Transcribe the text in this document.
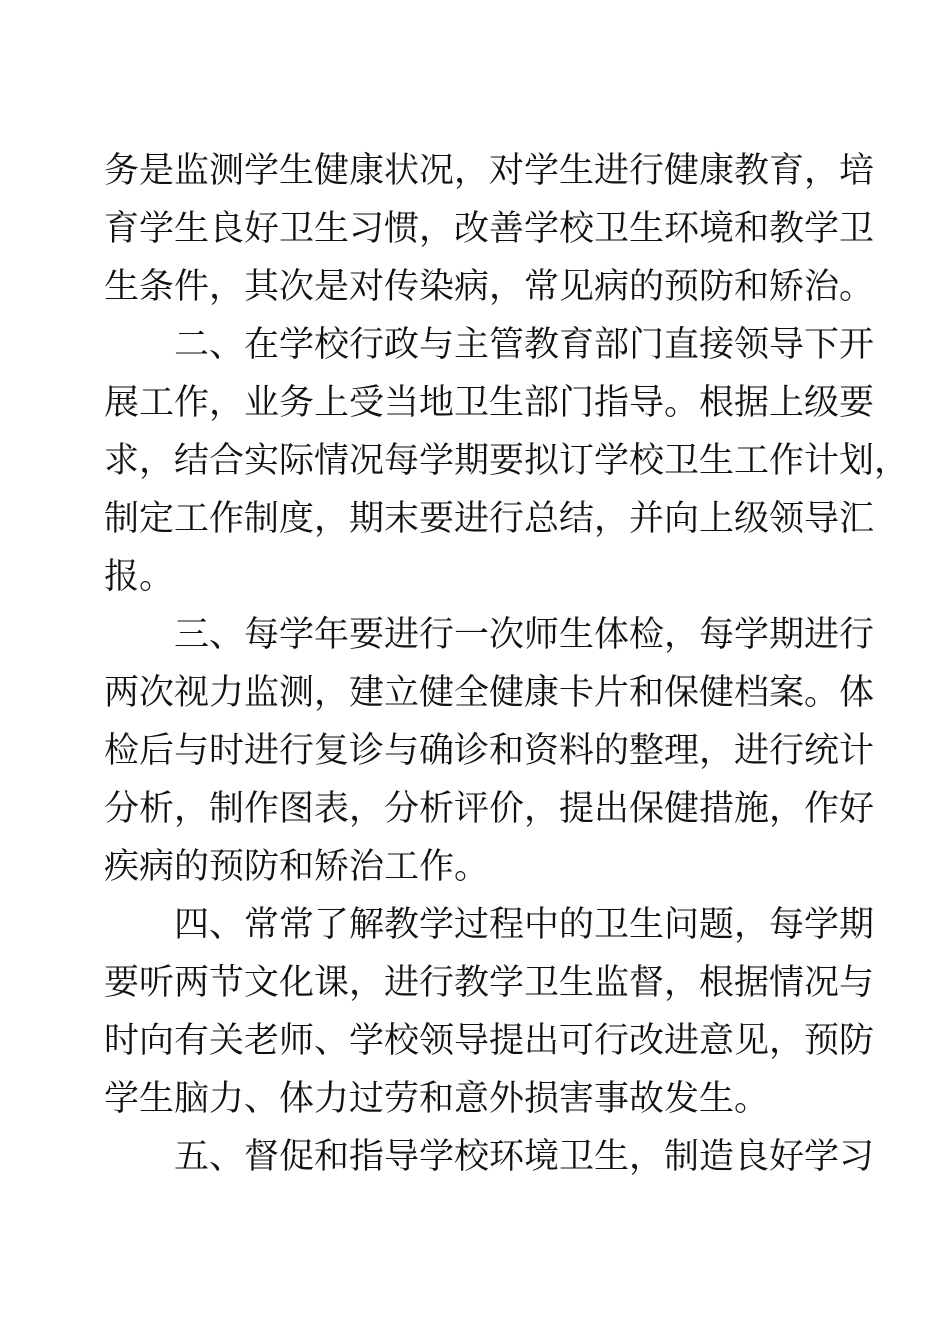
务是监测学生健康状况，对学生进行健康教育，培
育学生良好卫生习惯，改善学校卫生环境和教学卫
生条件，其次是对传染病，常见病的预防和矫治。
二、在学校行政与主管教育部门直接领导下开
展工作，业务上受当地卫生部门指导。根据上级要
求，结合实际情况每学期要拟订学校卫生工作计划，
制定工作制度，期末要进行总结，并向上级领导汇
报。
三、每学年要进行一次师生体检，每学期进行
两次视力监测，建立健全健康卡片和保健档案。体
检后与时进行复诊与确诊和资料的整理，进行统计
分析，制作图表，分析评价，提出保健措施，作好
疾病的预防和矫治工作。
四、常常了解教学过程中的卫生问题，每学期
要听两节文化课，进行教学卫生监督，根据情况与
时向有关老师、学校领导提出可行改进意见，预防
学生脑力、体力过劳和意外损害事故发生。
五、督促和指导学校环境卫生，制造良好学习
